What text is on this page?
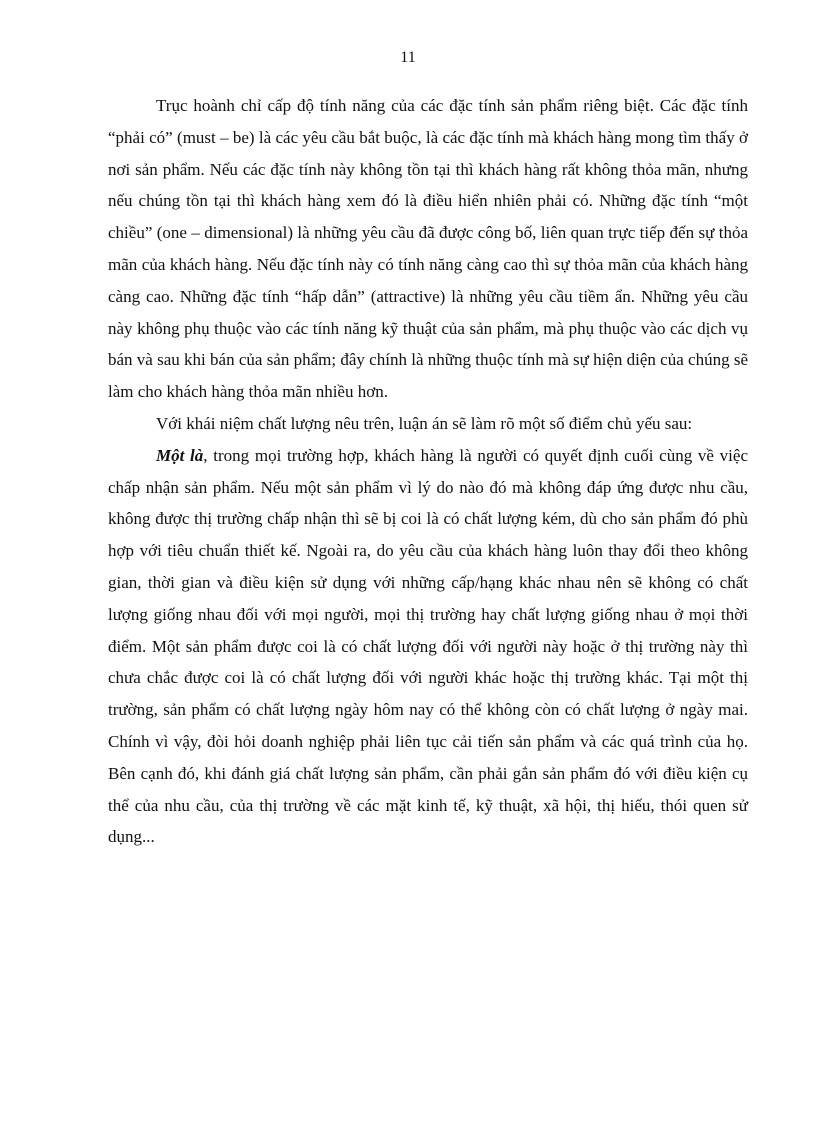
11

Trục hoành chỉ cấp độ tính năng của các đặc tính sản phẩm riêng biệt. Các đặc tính “phải có” (must – be) là các yêu cầu bắt buộc, là các đặc tính mà khách hàng mong tìm thấy ở nơi sản phẩm. Nếu các đặc tính này không tồn tại thì khách hàng rất không thỏa mãn, nhưng nếu chúng tồn tại thì khách hàng xem đó là điều hiển nhiên phải có. Những đặc tính “một chiều” (one – dimensional) là những yêu cầu đã được công bố, liên quan trực tiếp đến sự thỏa mãn của khách hàng. Nếu đặc tính này có tính năng càng cao thì sự thỏa mãn của khách hàng càng cao. Những đặc tính “hấp dẫn” (attractive) là những yêu cầu tiềm ẩn. Những yêu cầu này không phụ thuộc vào các tính năng kỹ thuật của sản phẩm, mà phụ thuộc vào các dịch vụ bán và sau khi bán của sản phẩm; đây chính là những thuộc tính mà sự hiện diện của chúng sẽ làm cho khách hàng thỏa mãn nhiều hơn.

Với khái niệm chất lượng nêu trên, luận án sẽ làm rõ một số điểm chủ yếu sau:

Một là, trong mọi trường hợp, khách hàng là người có quyết định cuối cùng về việc chấp nhận sản phẩm. Nếu một sản phẩm vì lý do nào đó mà không đáp ứng được nhu cầu, không được thị trường chấp nhận thì sẽ bị coi là có chất lượng kém, dù cho sản phẩm đó phù hợp với tiêu chuẩn thiết kế. Ngoài ra, do yêu cầu của khách hàng luôn thay đổi theo không gian, thời gian và điều kiện sử dụng với những cấp/hạng khác nhau nên sẽ không có chất lượng giống nhau đối với mọi người, mọi thị trường hay chất lượng giống nhau ở mọi thời điểm. Một sản phẩm được coi là có chất lượng đối với người này hoặc ở thị trường này thì chưa chắc được coi là có chất lượng đối với người khác hoặc thị trường khác. Tại một thị trường, sản phẩm có chất lượng ngày hôm nay có thể không còn có chất lượng ở ngày mai. Chính vì vậy, đòi hỏi doanh nghiệp phải liên tục cải tiến sản phẩm và các quá trình của họ. Bên cạnh đó, khi đánh giá chất lượng sản phẩm, cần phải gắn sản phẩm đó với điều kiện cụ thể của nhu cầu, của thị trường về các mặt kinh tế, kỹ thuật, xã hội, thị hiếu, thói quen sử dụng...
